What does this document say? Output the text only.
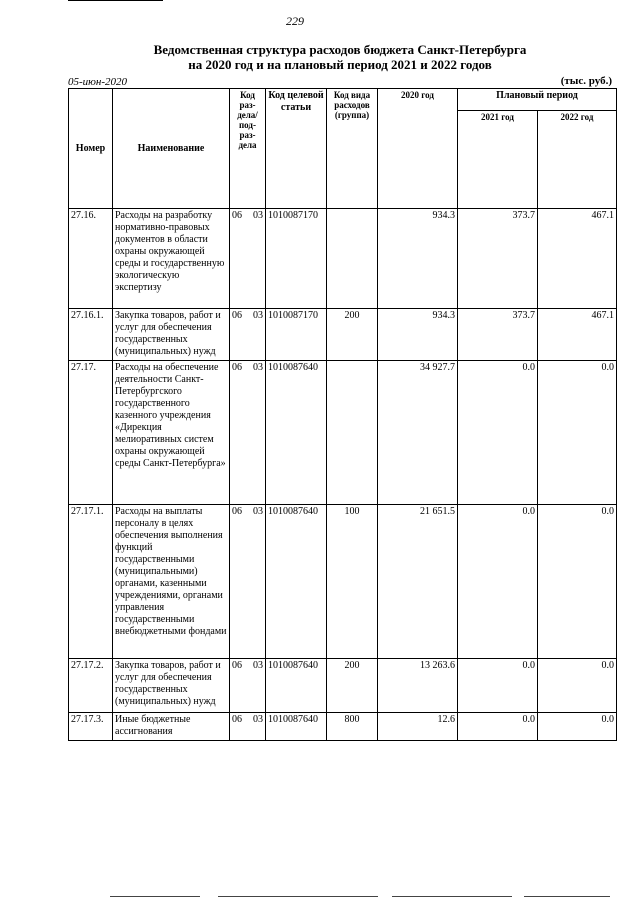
229
Ведомственная структура расходов бюджета Санкт-Петербурга
на 2020 год и на плановый период 2021 и 2022 годов
05-июн-2020	(тыс. руб.)
Номер	Наименование	Код раз-дела/ под-раз-дела	Код целевой статьи	Код вида расходов (группа)	2020 год	Плановый период	
						2021 год	2022 год
27.16.	Расходы на разработку нормативно-правовых документов в области охраны окружающей среды и государственную экологическую экспертизу	06 03	1010087170		934.3	373.7	467.1
27.16.1.	Закупка товаров, работ и услуг для обеспечения государственных (муниципальных) нужд	06 03	1010087170	200	934.3	373.7	467.1
27.17.	Расходы на обеспечение деятельности Санкт-Петербургского государственного казенного учреждения «Дирекция мелиоративных систем охраны окружающей среды Санкт-Петербурга»	06 03	1010087640		34 927.7	0.0	0.0
27.17.1.	Расходы на выплаты персоналу в целях обеспечения выполнения функций государственными (муниципальными) органами, казенными учреждениями, органами управления государственными внебюджетными фондами	06 03	1010087640	100	21 651.5	0.0	0.0
27.17.2.	Закупка товаров, работ и услуг для обеспечения государственных (муниципальных) нужд	06 03	1010087640	200	13 263.6	0.0	0.0
27.17.3.	Иные бюджетные ассигнования	06 03	1010087640	800	12.6	0.0	0.0
